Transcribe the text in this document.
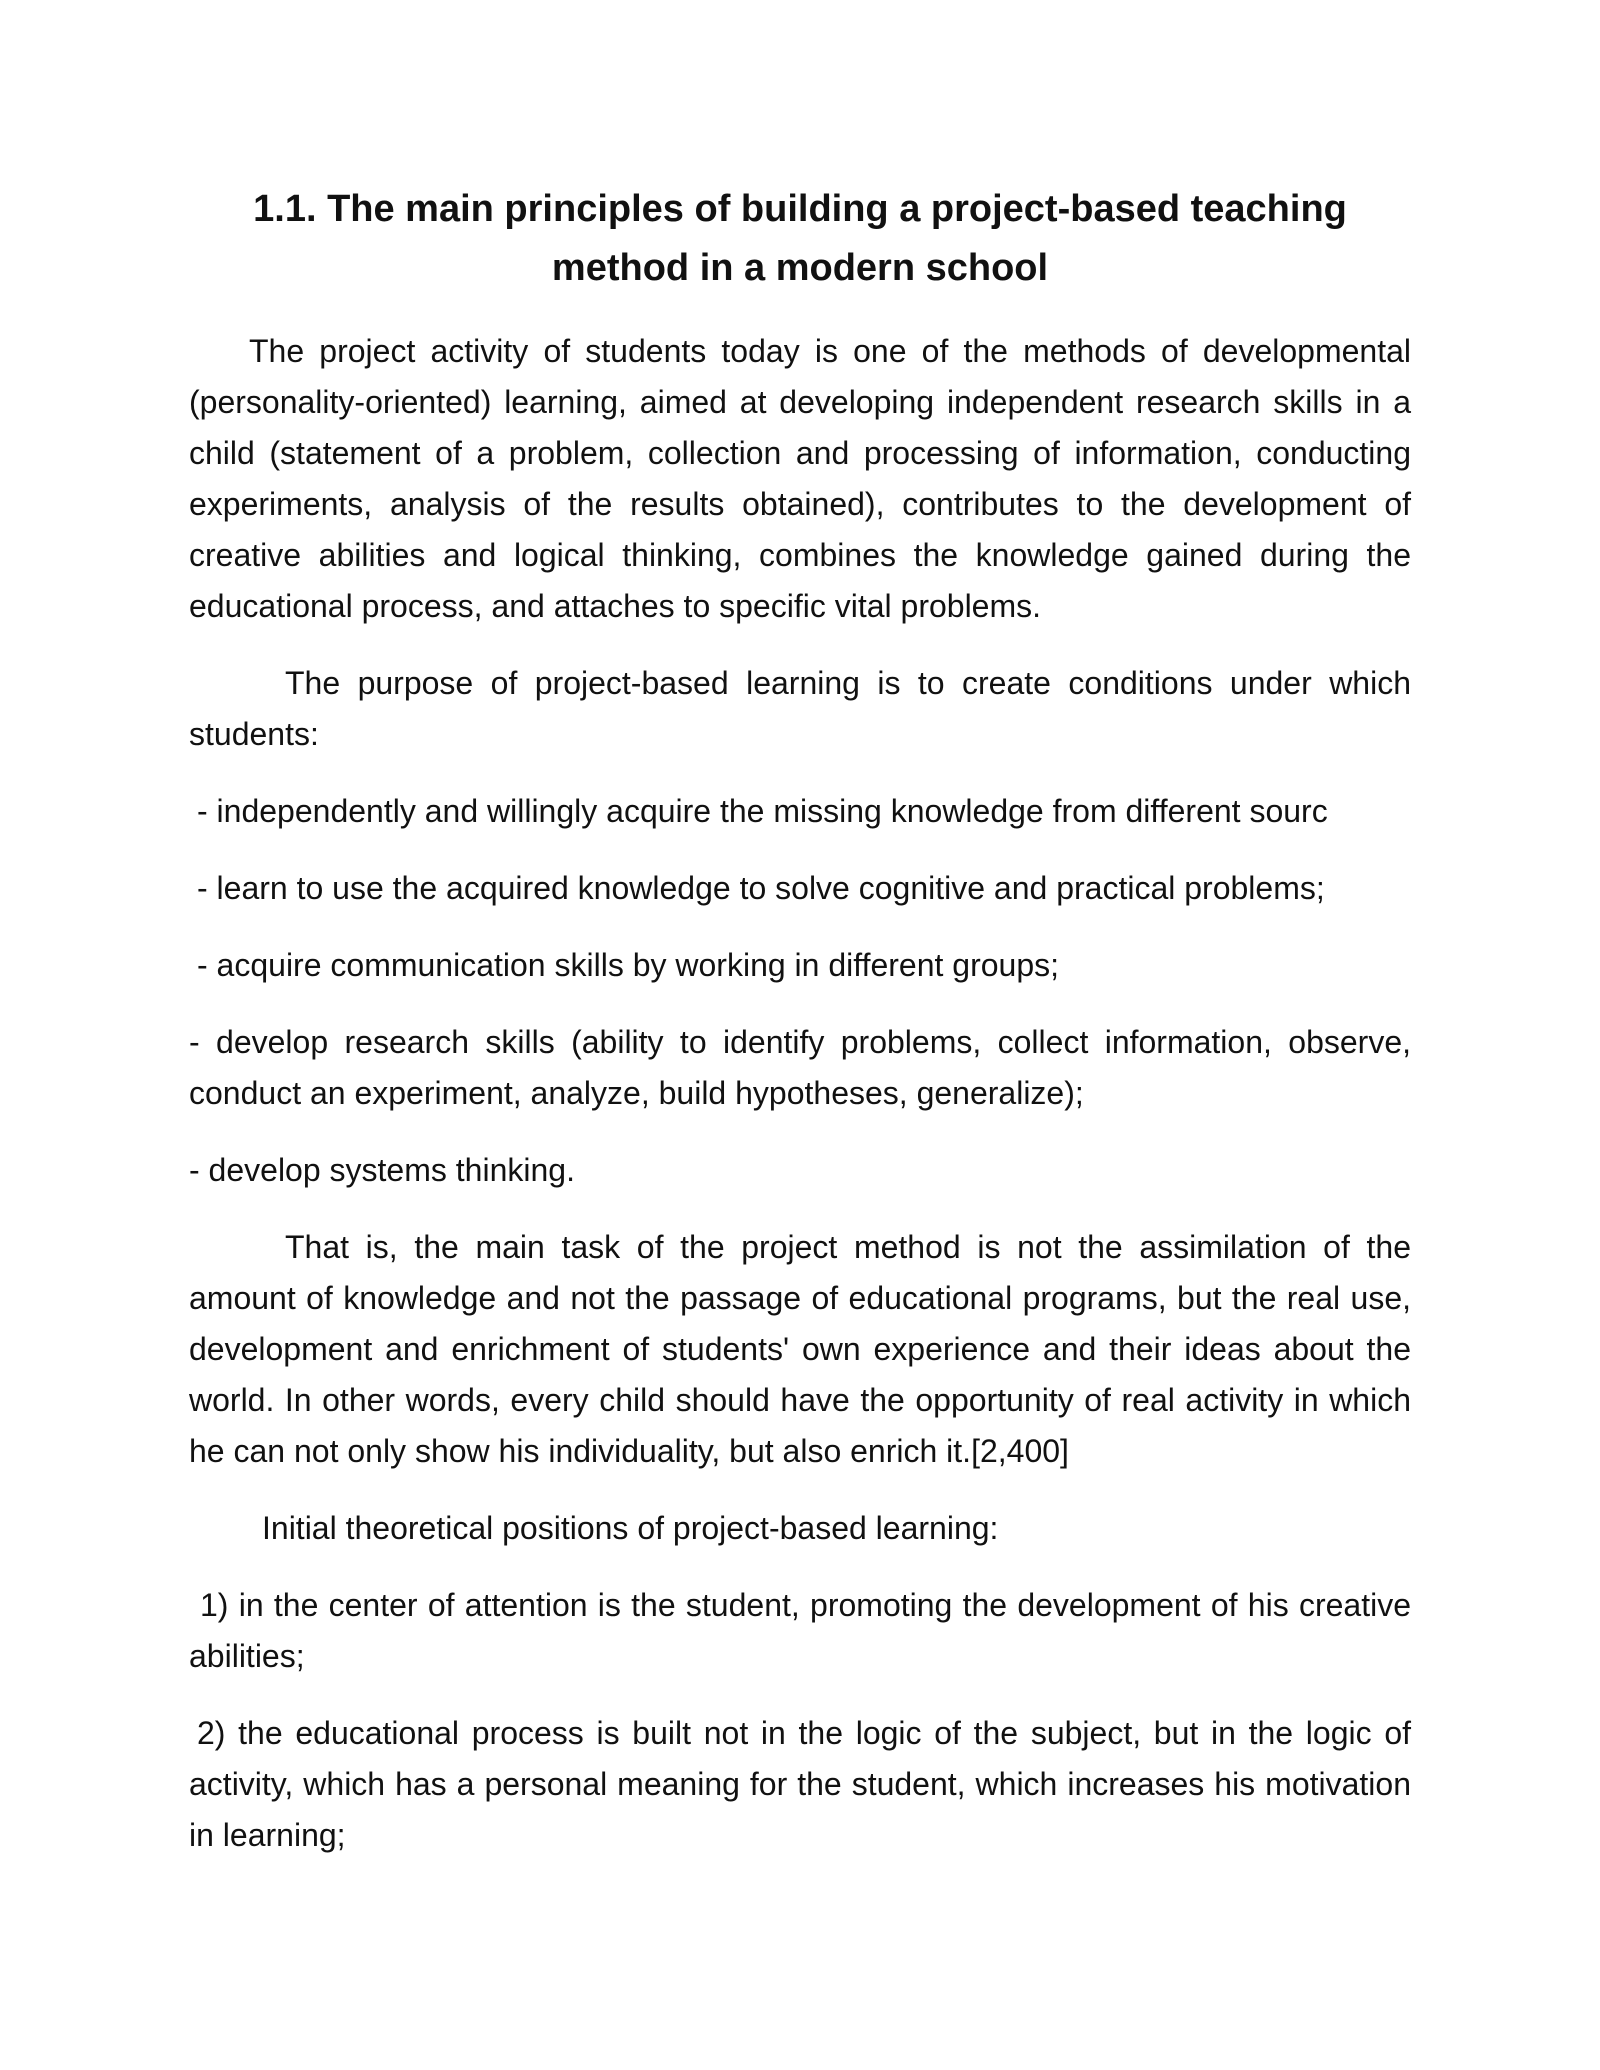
1.1. The main principles of building a project-based teaching method in a modern school

The project activity of students today is one of the methods of developmental (personality-oriented) learning, aimed at developing independent research skills in a child (statement of a problem, collection and processing of information, conducting experiments, analysis of the results obtained), contributes to the development of creative abilities and logical thinking, combines the knowledge gained during the educational process, and attaches to specific vital problems.

The purpose of project-based learning is to create conditions under which students:

- independently and willingly acquire the missing knowledge from different sourc

- learn to use the acquired knowledge to solve cognitive and practical problems;

- acquire communication skills by working in different groups;

- develop research skills (ability to identify problems, collect information, observe, conduct an experiment, analyze, build hypotheses, generalize);

- develop systems thinking.

That is, the main task of the project method is not the assimilation of the amount of knowledge and not the passage of educational programs, but the real use, development and enrichment of students' own experience and their ideas about the world. In other words, every child should have the opportunity of real activity in which he can not only show his individuality, but also enrich it.[2,400]

Initial theoretical positions of project-based learning:

1) in the center of attention is the student, promoting the development of his creative abilities;

2) the educational process is built not in the logic of the subject, but in the logic of activity, which has a personal meaning for the student, which increases his motivation in learning;
